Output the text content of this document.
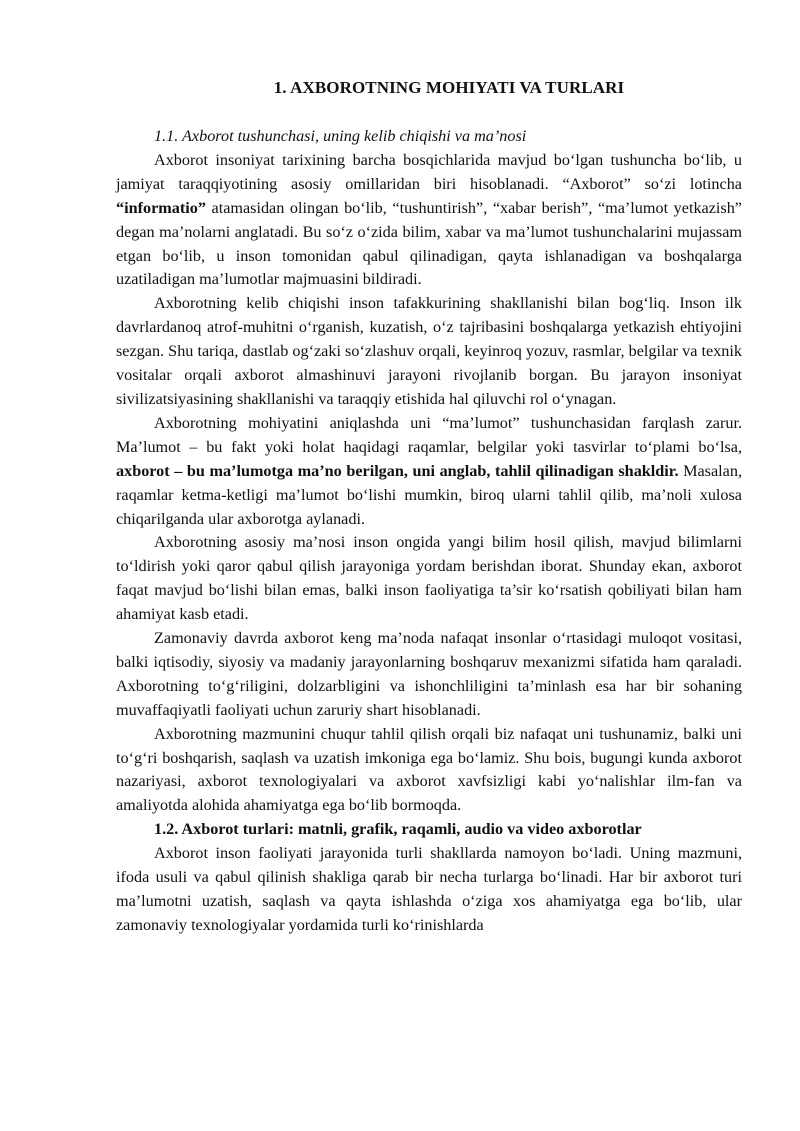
1. AXBOROTNING MOHIYATI VA TURLARI

1.1. Axborot tushunchasi, uning kelib chiqishi va ma’nosi

Axborot insoniyat tarixining barcha bosqichlarida mavjud bo‘lgan tushuncha bo‘lib, u jamiyat taraqqiyotining asosiy omillaridan biri hisoblanadi. “Axborot” so‘zi lotincha “informatio” atamasidan olingan bo‘lib, “tushuntirish”, “xabar berish”, “ma’lumot yetkazish” degan ma’nolarni anglatadi. Bu so‘z o‘zida bilim, xabar va ma’lumot tushunchalarini mujassam etgan bo‘lib, u inson tomonidan qabul qilinadigan, qayta ishlanadigan va boshqalarga uzatiladigan ma’lumotlar majmuasini bildiradi.

Axborotning kelib chiqishi inson tafakkurining shakllanishi bilan bog‘liq. Inson ilk davrlardanoq atrof-muhitni o‘rganish, kuzatish, o‘z tajribasini boshqalarga yetkazish ehtiyojini sezgan. Shu tariqa, dastlab og‘zaki so‘zlashuv orqali, keyinroq yozuv, rasmlar, belgilar va texnik vositalar orqali axborot almashinuvi jarayoni rivojlanib borgan. Bu jarayon insoniyat sivilizatsiyasining shakllanishi va taraqqiy etishida hal qiluvchi rol o‘ynagan.

Axborotning mohiyatini aniqlashda uni “ma’lumot” tushunchasidan farqlash zarur. Ma’lumot – bu fakt yoki holat haqidagi raqamlar, belgilar yoki tasvirlar to‘plami bo‘lsa, axborot – bu ma’lumotga ma’no berilgan, uni anglab, tahlil qilinadigan shakldir. Masalan, raqamlar ketma-ketligi ma’lumot bo‘lishi mumkin, biroq ularni tahlil qilib, ma’noli xulosa chiqarilganda ular axborotga aylanadi.

Axborotning asosiy ma’nosi inson ongida yangi bilim hosil qilish, mavjud bilimlarni to‘ldirish yoki qaror qabul qilish jarayoniga yordam berishdan iborat. Shunday ekan, axborot faqat mavjud bo‘lishi bilan emas, balki inson faoliyatiga ta’sir ko‘rsatish qobiliyati bilan ham ahamiyat kasb etadi.

Zamonaviy davrda axborot keng ma’noda nafaqat insonlar o‘rtasidagi muloqot vositasi, balki iqtisodiy, siyosiy va madaniy jarayonlarning boshqaruv mexanizmi sifatida ham qaraladi. Axborotning to‘g‘riligini, dolzarbligini va ishonchliligini ta’minlash esa har bir sohaning muvaffaqiyatli faoliyati uchun zaruriy shart hisoblanadi.

Axborotning mazmunini chuqur tahlil qilish orqali biz nafaqat uni tushunamiz, balki uni to‘g‘ri boshqarish, saqlash va uzatish imkoniga ega bo‘lamiz. Shu bois, bugungi kunda axborot nazariyasi, axborot texnologiyalari va axborot xavfsizligi kabi yo‘nalishlar ilm-fan va amaliyotda alohida ahamiyatga ega bo‘lib bormoqda.

1.2. Axborot turlari: matnli, grafik, raqamli, audio va video axborotlar

Axborot inson faoliyati jarayonida turli shakllarda namoyon bo‘ladi. Uning mazmuni, ifoda usuli va qabul qilinish shakliga qarab bir necha turlarga bo‘linadi. Har bir axborot turi ma’lumotni uzatish, saqlash va qayta ishlashda o‘ziga xos ahamiyatga ega bo‘lib, ular zamonaviy texnologiyalar yordamida turli ko‘rinishlarda
